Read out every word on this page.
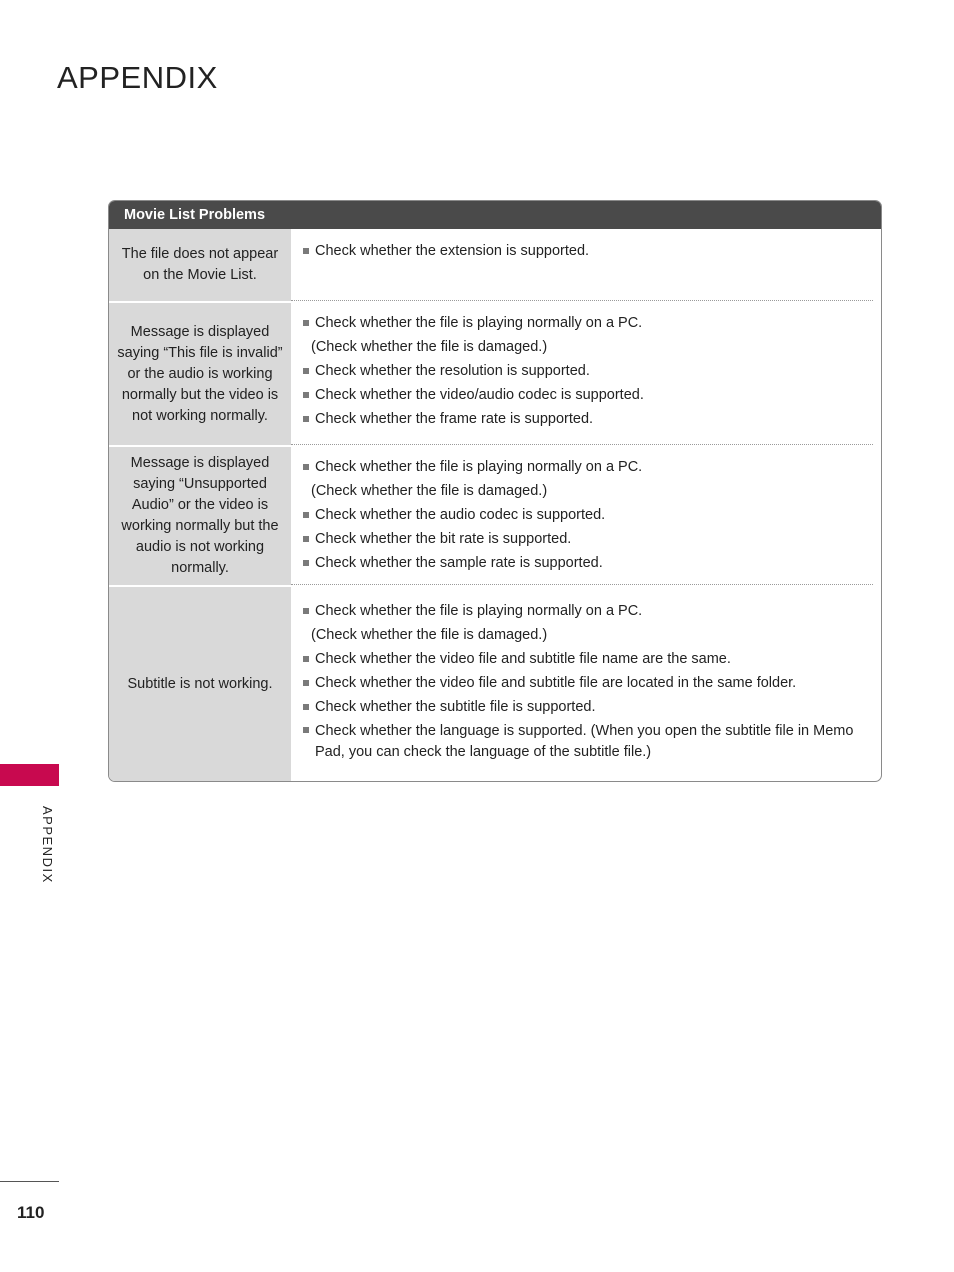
APPENDIX
Movie List Problems
The file does not appear on the Movie List.
Check whether the extension is supported.
Message is displayed saying “This file is invalid” or the audio is working normally but the video is not working normally.
Check whether the file is playing normally on a PC.
(Check whether the file is damaged.)
Check whether the resolution is supported.
Check whether the video/audio codec is supported.
Check whether the frame rate is supported.
Message is displayed saying “Unsupported Audio” or the video is working normally but the audio is not working normally.
Check whether the file is playing normally on a PC.
(Check whether the file is damaged.)
Check whether the audio codec is supported.
Check whether the bit rate is supported.
Check whether the sample rate is supported.
Subtitle is not working.
Check whether the file is playing normally on a PC.
(Check whether the file is damaged.)
Check whether the video file and subtitle file name are the same.
Check whether the video file and subtitle file are located in the same folder.
Check whether the subtitle file is supported.
Check whether the language is supported. (When you open the subtitle file in Memo Pad, you can check the language of the subtitle file.)
APPENDIX
110
